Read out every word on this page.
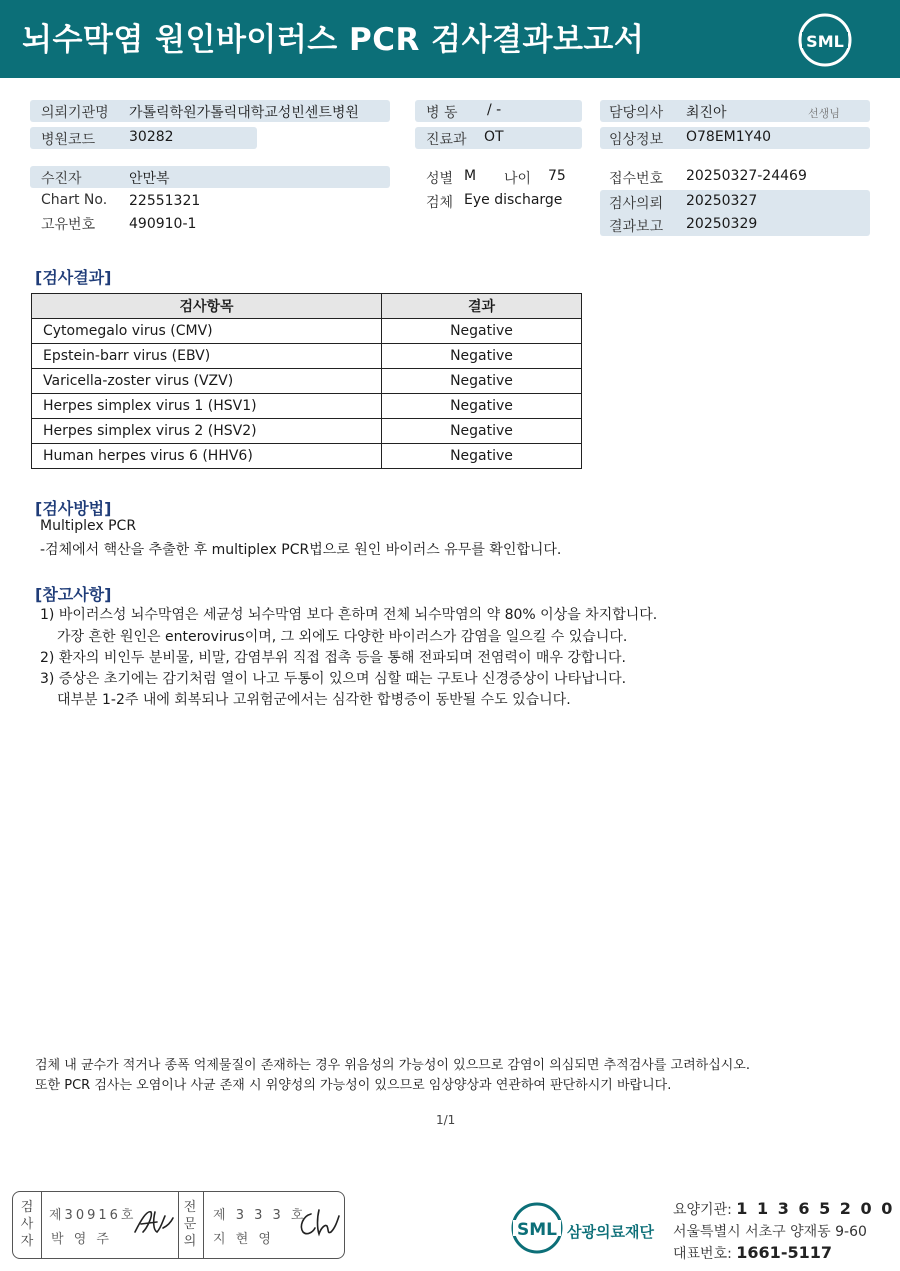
뇌수막염 원인바이러스 PCR 검사결과보고서	SML
의뢰기관명 가톨릭학원가톨릭대학교성빈센트병원
병원코드 30282
병 동 / -
진료과 OT
담당의사 최진아	선생님
임상정보 O78EM1Y40
수진자	안만복
Chart No. 22551321
고유번호 490910-1
성별 M 나이 75
검체 Eye discharge
접수번호 20250327-24469
검사의뢰 20250327
결과보고 20250329
[검사결과]
검사항목	결과
Cytomegalo virus (CMV)	Negative
Epstein-barr virus (EBV)	Negative
Varicella-zoster virus (VZV)	Negative
Herpes simplex virus 1 (HSV1)	Negative
Herpes simplex virus 2 (HSV2)	Negative
Human herpes virus 6 (HHV6)	Negative
[검사방법]
Multiplex PCR
-검체에서 핵산을 추출한 후 multiplex PCR법으로 원인 바이러스 유무를 확인합니다.
[참고사항]
1) 바이러스성 뇌수막염은 세균성 뇌수막염 보다 흔하며 전체 뇌수막염의 약 80% 이상을 차지합니다.
가장 흔한 원인은 enterovirus이며, 그 외에도 다양한 바이러스가 감염을 일으킬 수 있습니다.
2) 환자의 비인두 분비물, 비말, 감염부위 직접 접촉 등을 통해 전파되며 전염력이 매우 강합니다.
3) 증상은 초기에는 감기처럼 열이 나고 두통이 있으며 심할 때는 구토나 신경증상이 나타납니다.
대부분 1-2주 내에 회복되나 고위험군에서는 심각한 합병증이 동반될 수도 있습니다.
검체 내 균수가 적거나 종폭 억제물질이 존재하는 경우 위음성의 가능성이 있으므로 감염이 의심되면 추적검사를 고려하십시오.
또한 PCR 검사는 오염이나 사균 존재 시 위양성의 가능성이 있으므로 임상양상과 연관하여 판단하시기 바랍니다.
1/1
검사자
제30916호
박 영 주
전문의
제 3 3 3 호
지 현 영	SML 삼광의료재단
요양기관: 1 1 3 6 5 2 0 0
서울특별시 서초구 양재동 9-60
대표번호: 1661-5117
